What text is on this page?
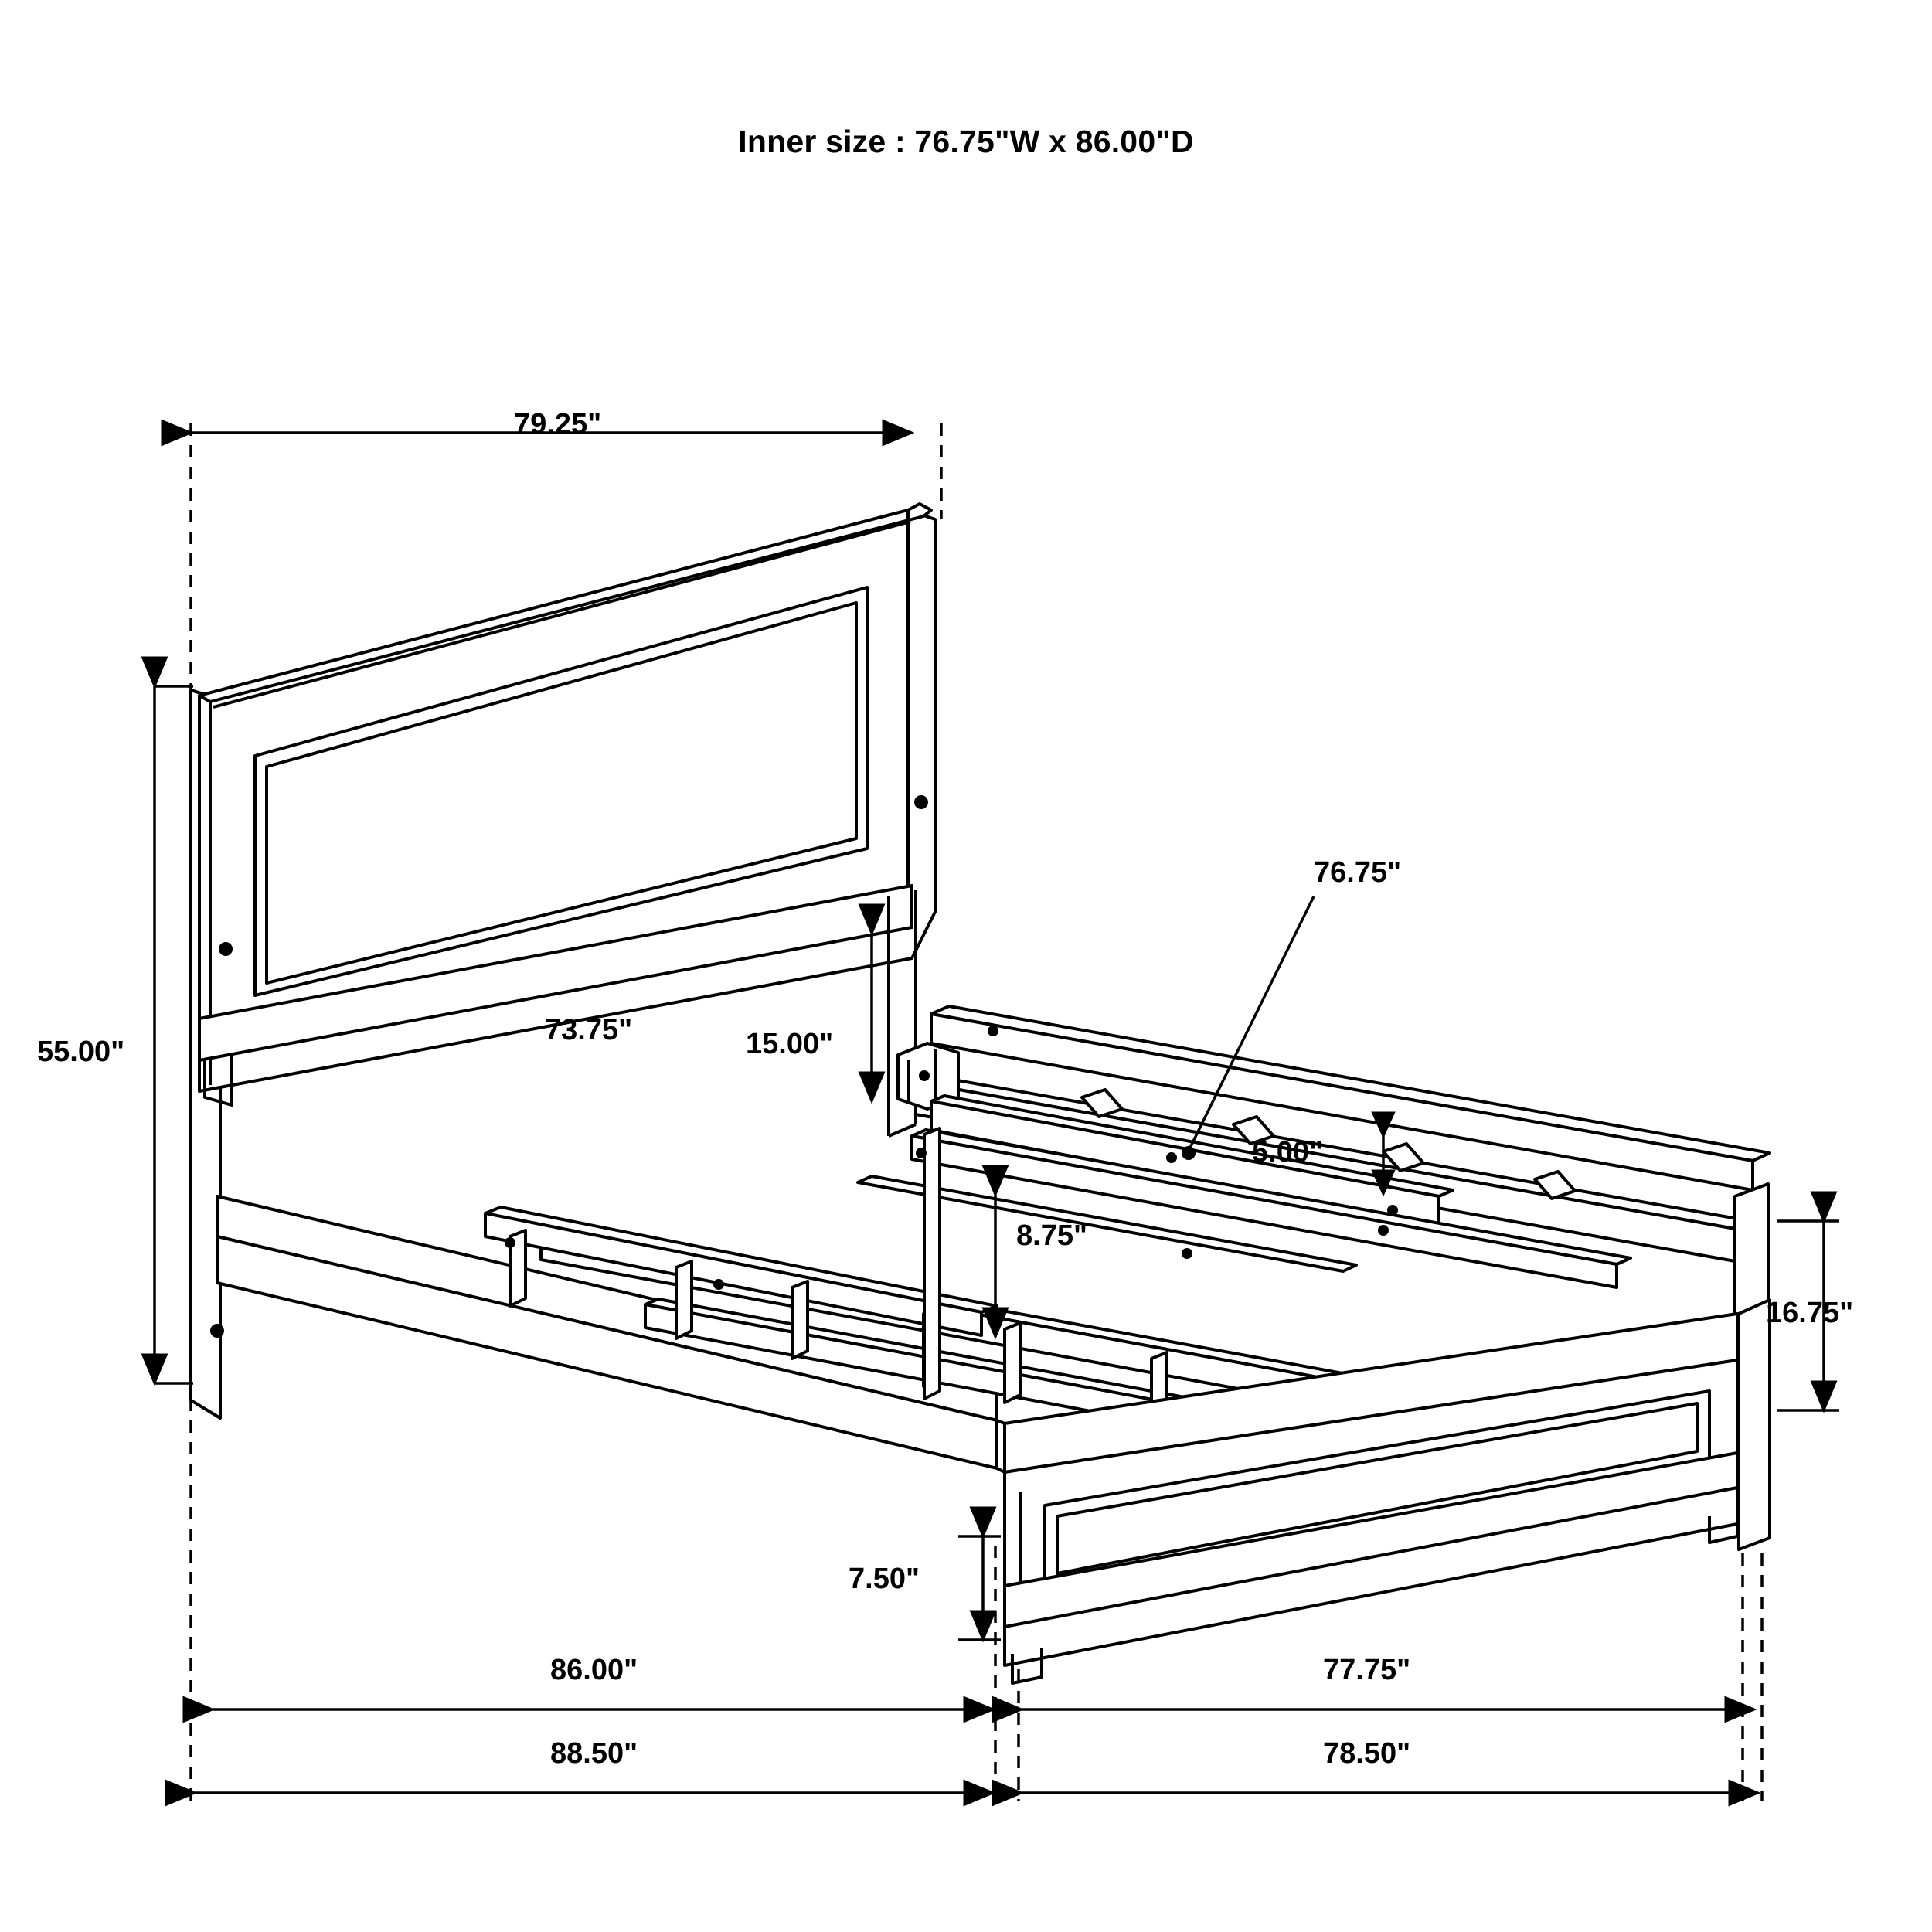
Inner size : 76.75"W x 86.00"D
79.25"
55.00"
73.75"	15.00"
76.75"
5.00"
8.75"
16.75"
7.50"
86.00"	77.75"
88.50"	78.50"
